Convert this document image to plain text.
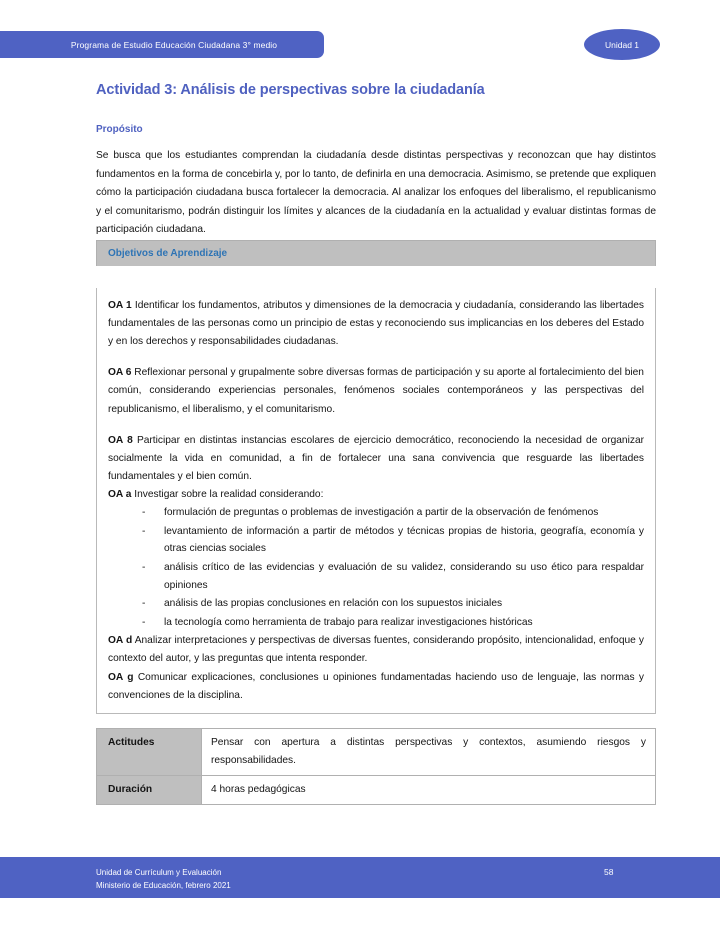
Programa de Estudio Educación Ciudadana 3° medio	Unidad 1
Actividad 3: Análisis de perspectivas sobre la ciudadanía
Propósito

Se busca que los estudiantes comprendan la ciudadanía desde distintas perspectivas y reconozcan que hay distintos fundamentos en la forma de concebirla y, por lo tanto, de definirla en una democracia. Asimismo, se pretende que expliquen cómo la participación ciudadana busca fortalecer la democracia. Al analizar los enfoques del liberalismo, el republicanismo y el comunitarismo, podrán distinguir los límites y alcances de la ciudadanía en la actualidad y evaluar distintas formas de participación ciudadana.

Objetivos de Aprendizaje

OA 1 Identificar los fundamentos, atributos y dimensiones de la democracia y ciudadanía, considerando las libertades fundamentales de las personas como un principio de estas y reconociendo sus implicancias en los deberes del Estado y en los derechos y responsabilidades ciudadanas.

OA 6 Reflexionar personal y grupalmente sobre diversas formas de participación y su aporte al fortalecimiento del bien común, considerando experiencias personales, fenómenos sociales contemporáneos y las perspectivas del republicanismo, el liberalismo, y el comunitarismo.

OA 8 Participar en distintas instancias escolares de ejercicio democrático, reconociendo la necesidad de organizar socialmente la vida en comunidad, a fin de fortalecer una sana convivencia que resguarde las libertades fundamentales y el bien común.

OA a Investigar sobre la realidad considerando:

- formulación de preguntas o problemas de investigación a partir de la observación de fenómenos
- levantamiento de información a partir de métodos y técnicas propias de historia, geografía, economía y otras ciencias sociales
- análisis crítico de las evidencias y evaluación de su validez, considerando su uso ético para respaldar opiniones
- análisis de las propias conclusiones en relación con los supuestos iniciales
- la tecnología como herramienta de trabajo para realizar investigaciones históricas

OA d Analizar interpretaciones y perspectivas de diversas fuentes, considerando propósito, intencionalidad, enfoque y contexto del autor, y las preguntas que intenta responder.

OA g Comunicar explicaciones, conclusiones u opiniones fundamentadas haciendo uso de lenguaje, las normas y convenciones de la disciplina.

Actitudes	Pensar con apertura a distintas perspectivas y contextos, asumiendo riesgos y responsabilidades.
Duración	4 horas pedagógicas
Unidad de Currículum y Evaluación
Ministerio de Educación, febrero 2021
58
